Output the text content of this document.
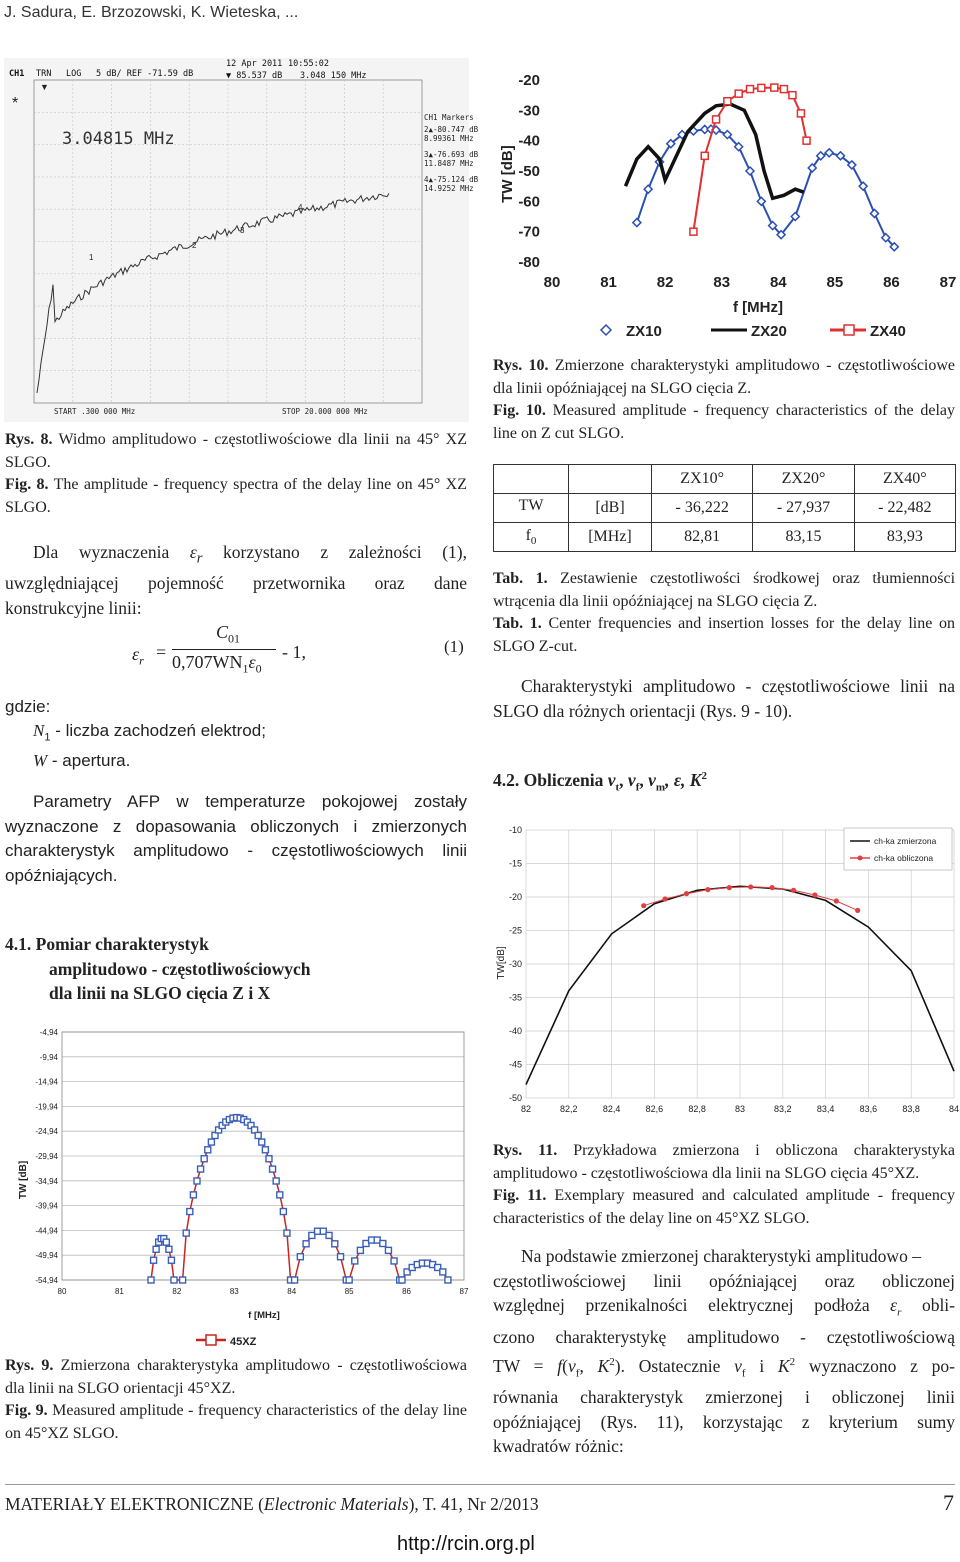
J. Sadura, E. Brzozowski, K. Wieteska, ...
CH1 TRN LOG 5 dB/ REF -71.59 dB
12 Apr 2011 10:55:02
▼ 85.537 dB 3.048 150 MHz
*
▼
3.04815 MHz
CH1 Markers
2▲-80.747 dB
8.99361 MHz
3▲-76.693 dB
11.8487 MHz
4▲-75.124 dB
14.9252 MHz
1
2
3
4
START .300 000 MHz	STOP 20.000 000 MHz
Rys. 8. Widmo amplitudowo - częstotliwościowe dla linii na 45° XZ SLGO.
Fig. 8. The amplitude - frequency spectra of the delay line on 45° XZ SLGO.
Dla wyznaczenia $\varepsilon_r$ korzystano z zależności (1), uwzględniającej pojemność przetwornika oraz dane konstrukcyjne linii:
$\varepsilon_r$ =
$C_{01}$
$0,707WN_1\varepsilon_0$
- 1,	(1)
gdzie:
$N_1$ - liczba zachodzeń elektrod;
W - apertura.
Parametry AFP w temperaturze pokojowej zostały wyznaczone z dopasowania obliczonych i zmierzonych charakterystyk amplitudowo - częstotliwościowych linii opóźniających.
4.1. Pomiar charakterystyk
amplitudowo - częstotliwościowych
dla linii na SLGO cięcia Z i X
-4,94
-9,94
-14,94
-19,94
-24,94
-29,94
-34,94
-39,94
-44,94
-49,94
-54,94
80	81	82	83	84	85	86	87
TW [dB]
f [MHz]
45XZ
Rys. 9. Zmierzona charakterystyka amplitudowo - częstotliwościowa dla linii na SLGO orientacji 45°XZ.
Fig. 9. Measured amplitude - frequency characteristics of the delay line on 45°XZ SLGO.
-20
-30
-40
-50
-60
-70
-80
80	81	82	83	84	85	86	87
TW [dB]
f [MHz]
ZX10	ZX20	ZX40
Rys. 10. Zmierzone charakterystyki amplitudowo - częstotliwościowe dla linii opóźniającej na SLGO cięcia Z.
Fig. 10. Measured amplitude - frequency characteristics of the delay line on Z cut SLGO.
		ZX10°	ZX20°	ZX40°
TW	[dB]	- 36,222	- 27,937	- 22,482
$f_0$	[MHz]	82,81	83,15	83,93
Tab. 1. Zestawienie częstotliwości środkowej oraz tłumienności wtrącenia dla linii opóźniającej na SLGO cięcia Z.
Tab. 1. Center frequencies and insertion losses for the delay line on SLGO Z-cut.
Charakterystyki amplitudowo - częstotliwościowe linii na SLGO dla różnych orientacji (Rys. 9 - 10).
4.2. Obliczenia $v_t$, $v_f$, $v_m$, ε, $K^2$
-10
-15
-20
-25
-30
-35
-40
-45
-50
82	82,2	82,4	82,6	82,8	83	83,2	83,4	83,6	83,8	84
TW[dB]
ch-ka zmierzona
ch-ka obliczona
Rys. 11. Przykładowa zmierzona i obliczona charakterystyka amplitudowo - częstotliwościowa dla linii na SLGO cięcia 45°XZ.
Fig. 11. Exemplary measured and calculated amplitude - frequency characteristics of the delay line on 45°XZ SLGO.
Na podstawie zmierzonej charakterystyki amplitudowo –
częstotliwościowej linii opóźniającej oraz obliczonej
względnej przenikalności elektrycznej podłoża $\varepsilon_r$ obli-
czono charakterystykę amplitudowo - częstotliwościową
TW = $f(v_f$, $K^2$). Ostatecznie $v_f$ i $K^2$ wyznaczono z po-
równania charakterystyk zmierzonej i obliczonej linii
opóźniającej (Rys. 11), korzystając z kryterium sumy
kwadratów różnic:
MATERIAŁY ELEKTRONICZNE (Electronic Materials), T. 41, Nr 2/2013	7
http://rcin.org.pl
